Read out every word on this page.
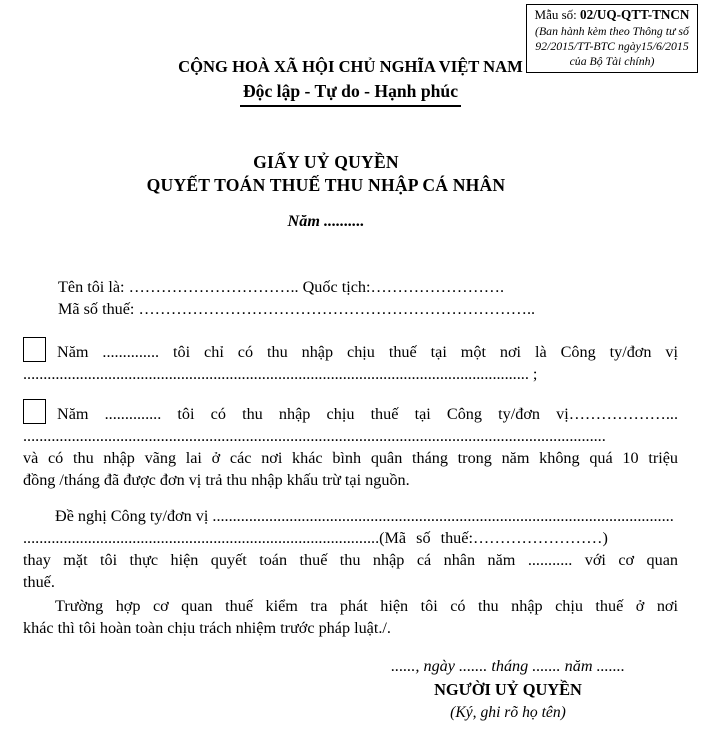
Mẫu số: 02/UQ-QTT-TNCN
(Ban hành kèm theo Thông tư số 92/2015/TT-BTC ngày15/6/2015 của Bộ Tài chính)
CỘNG HOÀ XÃ HỘI CHỦ NGHĨA VIỆT NAM
Độc lập - Tự do - Hạnh phúc
GIẤY UỶ QUYỀN
QUYẾT TOÁN THUẾ THU NHẬP CÁ NHÂN
Năm ..........
Tên tôi là: ………………………….. Quốc tịch:…………………….
Mã số thuế: ………………………………………………………………..
Năm .............. tôi chỉ có thu nhập chịu thuế tại một nơi là Công ty/đơn vị
............................................................................................................................. ;
Năm .............. tôi có thu nhập chịu thuế tại Công ty/đơn vị………………...
................................................................................................................................................
và có thu nhập vãng lai ở các nơi khác bình quân tháng trong năm không quá 10 triệu
đồng /tháng đã được đơn vị trả thu nhập khấu trừ tại nguồn.
Đề nghị Công ty/đơn vị ..................................................................................................................
........................................................................................(Mã số thuế:……………………)
thay mặt tôi thực hiện quyết toán thuế thu nhập cá nhân năm ........... với cơ quan
thuế.
Trường hợp cơ quan thuế kiểm tra phát hiện tôi có thu nhập chịu thuế ở nơi
khác thì tôi hoàn toàn chịu trách nhiệm trước pháp luật./.
......, ngày ....... tháng ....... năm .......
NGƯỜI UỶ QUYỀN
(Ký, ghi rõ họ tên)
